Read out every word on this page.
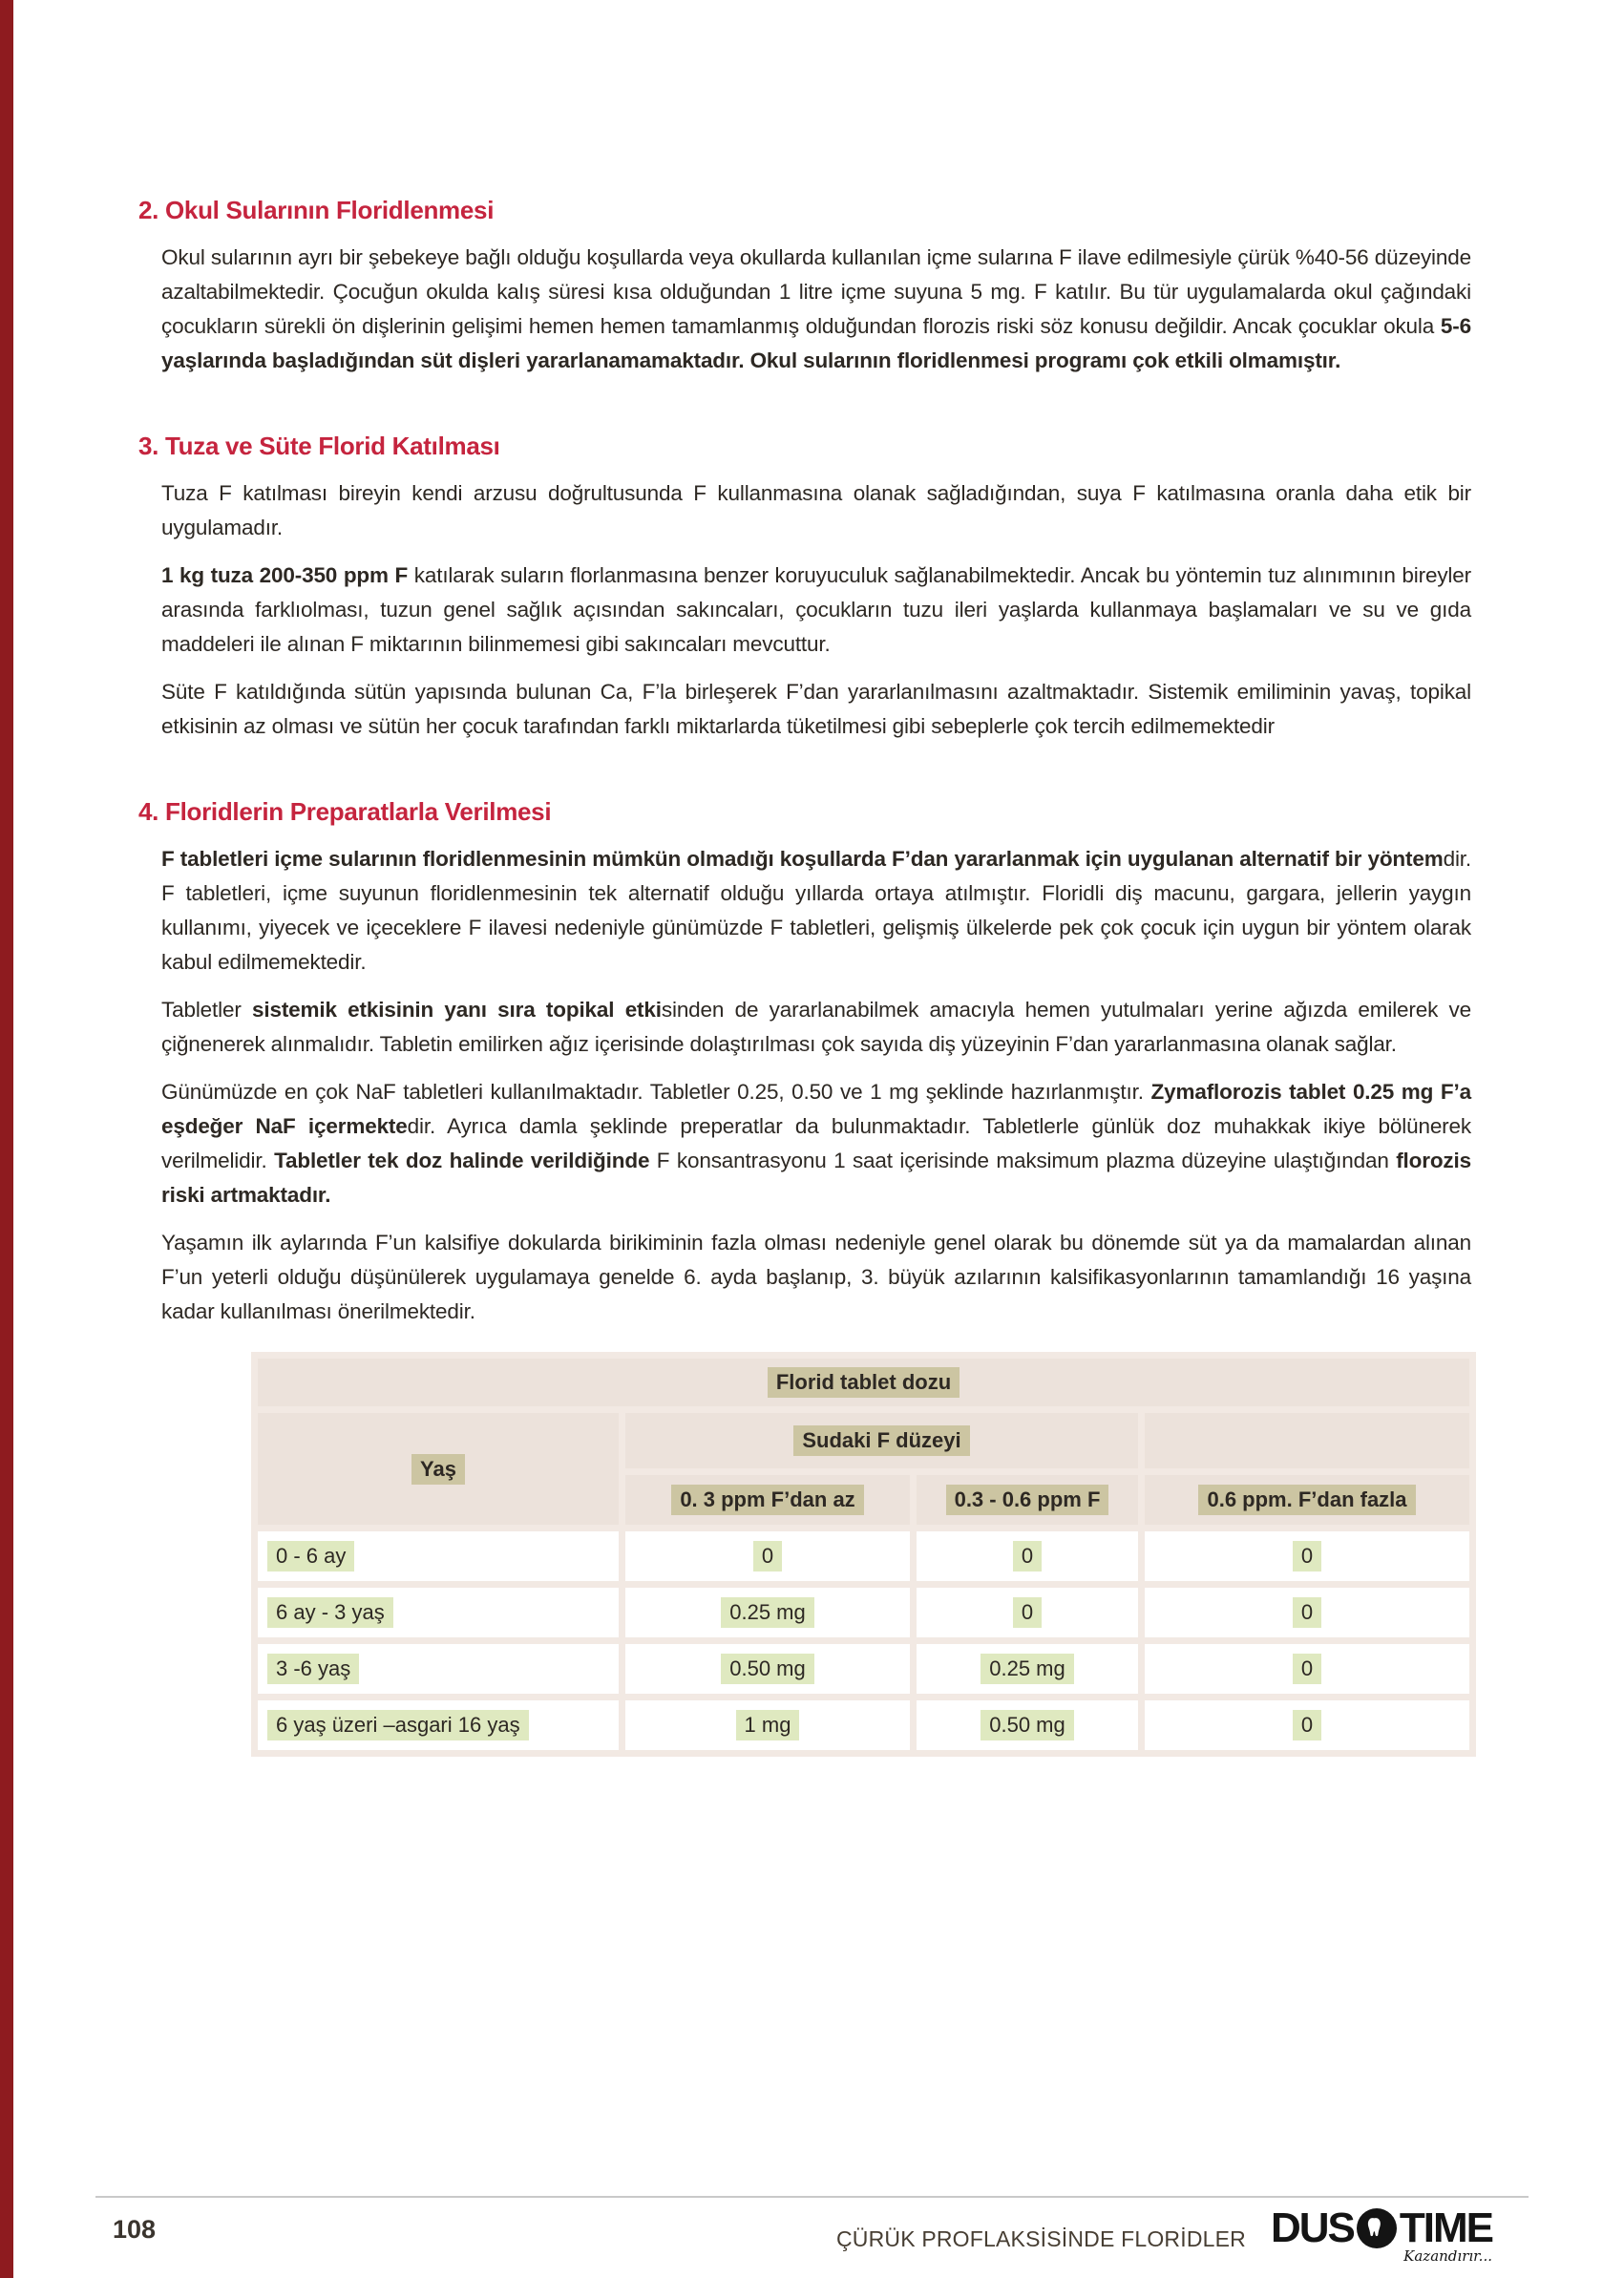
2. Okul Sularının Floridlenmesi

Okul sularının ayrı bir şebekeye bağlı olduğu koşullarda veya okullarda kullanılan içme sularına F ilave edilmesiyle çürük %40-56 düzeyinde azaltabilmektedir. Çocuğun okulda kalış süresi kısa olduğundan 1 litre içme suyuna 5 mg. F katılır. Bu tür uygulamalarda okul çağındaki çocukların sürekli ön dişlerinin gelişimi hemen hemen tamamlanmış olduğundan florozis riski söz konusu değildir. Ancak çocuklar okula 5-6 yaşlarında başladığından süt dişleri yararlanamamaktadır. Okul sularının floridlenmesi programı çok etkili olmamıştır.

3. Tuza ve Süte Florid Katılması

Tuza F katılması bireyin kendi arzusu doğrultusunda F kullanmasına olanak sağladığından, suya F katılmasına oranla daha etik bir uygulamadır.

1 kg tuza 200-350 ppm F katılarak suların florlanmasına benzer koruyuculuk sağlanabilmektedir. Ancak bu yöntemin tuz alınımının bireyler arasında farklıolması, tuzun genel sağlık açısından sakıncaları, çocukların tuzu ileri yaşlarda kullanmaya başlamaları ve su ve gıda maddeleri ile alınan F miktarının bilinmemesi gibi sakıncaları mevcuttur.

Süte F katıldığında sütün yapısında bulunan Ca, F’la birleşerek F’dan yararlanılmasını azaltmaktadır. Sistemik emiliminin yavaş, topikal etkisinin az olması ve sütün her çocuk tarafından farklı miktarlarda tüketilmesi gibi sebeplerle çok tercih edilmemektedir

4. Floridlerin Preparatlarla Verilmesi

F tabletleri içme sularının floridlenmesinin mümkün olmadığı koşullarda F’dan yararlanmak için uygulanan alternatif bir yöntemdir. F tabletleri, içme suyunun floridlenmesinin tek alternatif olduğu yıllarda ortaya atılmıştır. Floridli diş macunu, gargara, jellerin yaygın kullanımı, yiyecek ve içeceklere F ilavesi nedeniyle günümüzde F tabletleri, gelişmiş ülkelerde pek çok çocuk için uygun bir yöntem olarak kabul edilmemektedir.

Tabletler sistemik etkisinin yanı sıra topikal etkisinden de yararlanabilmek amacıyla hemen yutulmaları yerine ağızda emilerek ve çiğnenerek alınmalıdır. Tabletin emilirken ağız içerisinde dolaştırılması çok sayıda diş yüzeyinin F’dan yararlanmasına olanak sağlar.

Günümüzde en çok NaF tabletleri kullanılmaktadır. Tabletler 0.25, 0.50 ve 1 mg şeklinde hazırlanmıştır. Zymaflorozis tablet 0.25 mg F’a eşdeğer NaF içermektedir. Ayrıca damla şeklinde preperatlar da bulunmaktadır. Tabletlerle günlük doz muhakkak ikiye bölünerek verilmelidir. Tabletler tek doz halinde verildiğinde F konsantrasyonu 1 saat içerisinde maksimum plazma düzeyine ulaştığından florozis riski artmaktadır.

Yaşamın ilk aylarında F’un kalsifiye dokularda birikiminin fazla olması nedeniyle genel olarak bu dönemde süt ya da mamalardan alınan F’un yeterli olduğu düşünülerek uygulamaya genelde 6. ayda başlanıp, 3. büyük azılarının kalsifikasyonlarının tamamlandığı 16 yaşına kadar kullanılması önerilmektedir.

Florid tablet dozu			
Yaş	Sudaki F düzeyi		
	0. 3 ppm F’dan az	0.3 - 0.6 ppm F	0.6 ppm. F’dan fazla
0 - 6 ay	0	0	0
6 ay - 3 yaş	0.25 mg	0	0
3 -6 yaş	0.50 mg	0.25 mg	0
6 yaş üzeri –asgari 16 yaş	1 mg	0.50 mg	0
108	ÇÜRÜK PROFLAKSİSİNDE FLORİDLER DUS TIME
Kazandırır...
